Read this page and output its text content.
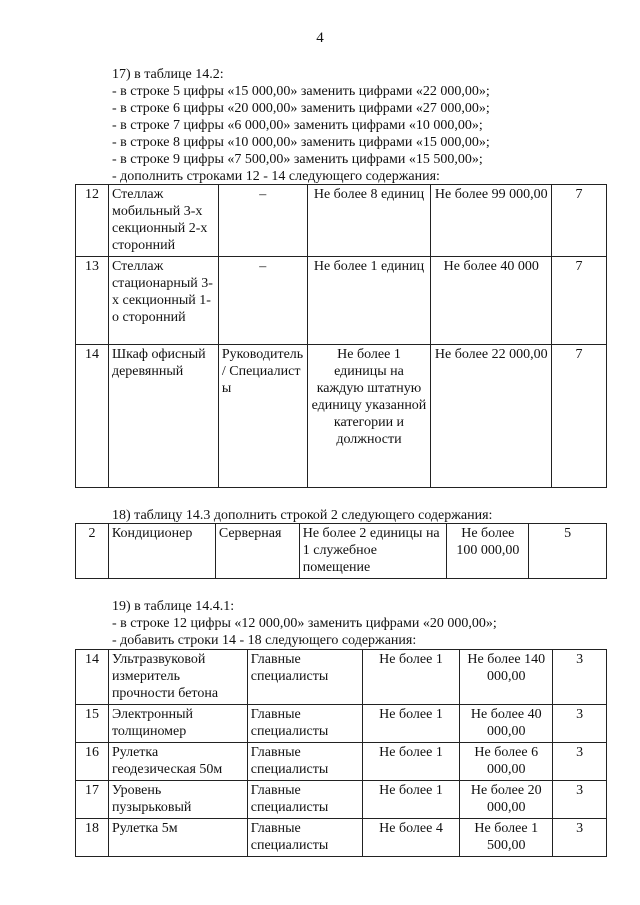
4
17) в таблице 14.2:
- в строке 5 цифры «15 000,00» заменить цифрами «22 000,00»;
- в строке 6 цифры «20 000,00» заменить цифрами «27 000,00»;
- в строке 7 цифры «6 000,00» заменить цифрами «10 000,00»;
- в строке 8 цифры «10 000,00» заменить цифрами «15 000,00»;
- в строке 9 цифры «7 500,00» заменить цифрами «15 500,00»;
- дополнить строками 12 - 14 следующего содержания:
12	Стеллаж мобильный 3-х секционный 2-х сторонний	–	Не более 8 единиц	Не более 99 000,00	7
13	Стеллаж стационарный 3-х секционный 1-о сторонний	–	Не более 1 единиц	Не более 40 000	7
14	Шкаф офисный деревянный	Руководитель / Специалисты	Не более 1 единицы на каждую штатную единицу указанной категории и должности	Не более 22 000,00	7
18) таблицу 14.3 дополнить строкой 2 следующего содержания:
2	Кондиционер	Серверная	Не более 2 единицы на 1 служебное помещение	Не более 100 000,00	5
19) в таблице 14.4.1:
- в строке 12 цифры «12 000,00» заменить цифрами «20 000,00»;
- добавить строки 14 - 18 следующего содержания:
14	Ультразвуковой измеритель прочности бетона	Главные специалисты	Не более 1	Не более 140 000,00	3
15	Электронный толщиномер	Главные специалисты	Не более 1	Не более 40 000,00	3
16	Рулетка геодезическая 50м	Главные специалисты	Не более 1	Не более 6 000,00	3
17	Уровень пузырьковый	Главные специалисты	Не более 1	Не более 20 000,00	3
18	Рулетка 5м	Главные специалисты	Не более 4	Не более 1 500,00	3
